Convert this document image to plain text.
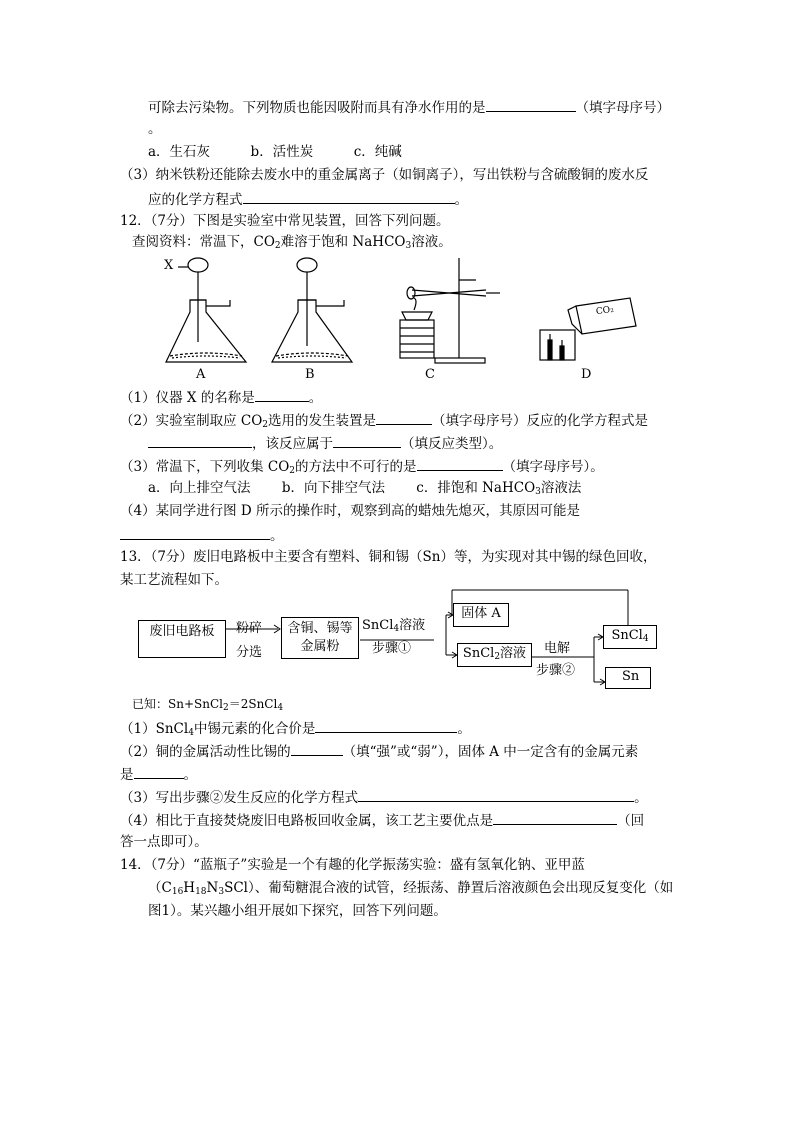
可除去污染物。下列物质也能因吸附而具有净水作用的是	（填字母序号）
。
a．生石灰　　　b．活性炭　　　c．纯碱
（3）纳米铁粉还能除去废水中的重金属离子（如铜离子），写出铁粉与含硫酸铜的废水反
应的化学方程式	。
12．（7分）下图是实验室中常见装置，回答下列问题。
查阅资料：常温下，$CO_2$难溶于饱和 NaHCO$_3$溶液。
X
A	B	C	D
CO₂
（1）仪器 X 的名称是	。
（2）实验室制取应 $CO_2$选用的发生装置是	（填字母序号）反应的化学方程式是
，该反应属于	（填反应类型）。
（3）常温下，下列收集 $CO_2$的方法中不可行的是	（填字母序号）。
a．向上排空气法　　 b．向下排空气法　　 c．排饱和 NaHCO$_3$溶液法
（4）某同学进行图 D 所示的操作时，观察到高的蜡烛先熄灭，其原因可能是
。
13．（7分）废旧电路板中主要含有塑料、铜和锡（Sn）等，为实现对其中锡的绿色回收，
某工艺流程如下。
废旧电路板	粉碎
分选
含铜、锡等
金属粉
SnCl$_4$溶液
步骤①
固体 A
SnCl$_2$溶液	电解
步骤②
SnCl$_4$
Sn
已知：Sn+SnCl$_2$＝2SnCl$_4$
（1）SnCl$_4$中锡元素的化合价是	。
（2）铜的金属活动性比锡的	（填“强”或“弱”），固体 A 中一定含有的金属元素
是	。
（3）写出步骤②发生反应的化学方程式	。
（4）相比于直接焚烧废旧电路板回收金属，该工艺主要优点是	（回
答一点即可）。
14．（7分）“蓝瓶子”实验是一个有趣的化学振荡实验：盛有氢氧化钠、亚甲蓝
$(C_{16}H_{18}N_3SCl)$、葡萄糖混合液的试管，经振荡、静置后溶液颜色会出现反复变化（如
图1）。某兴趣小组开展如下探究，回答下列问题。
